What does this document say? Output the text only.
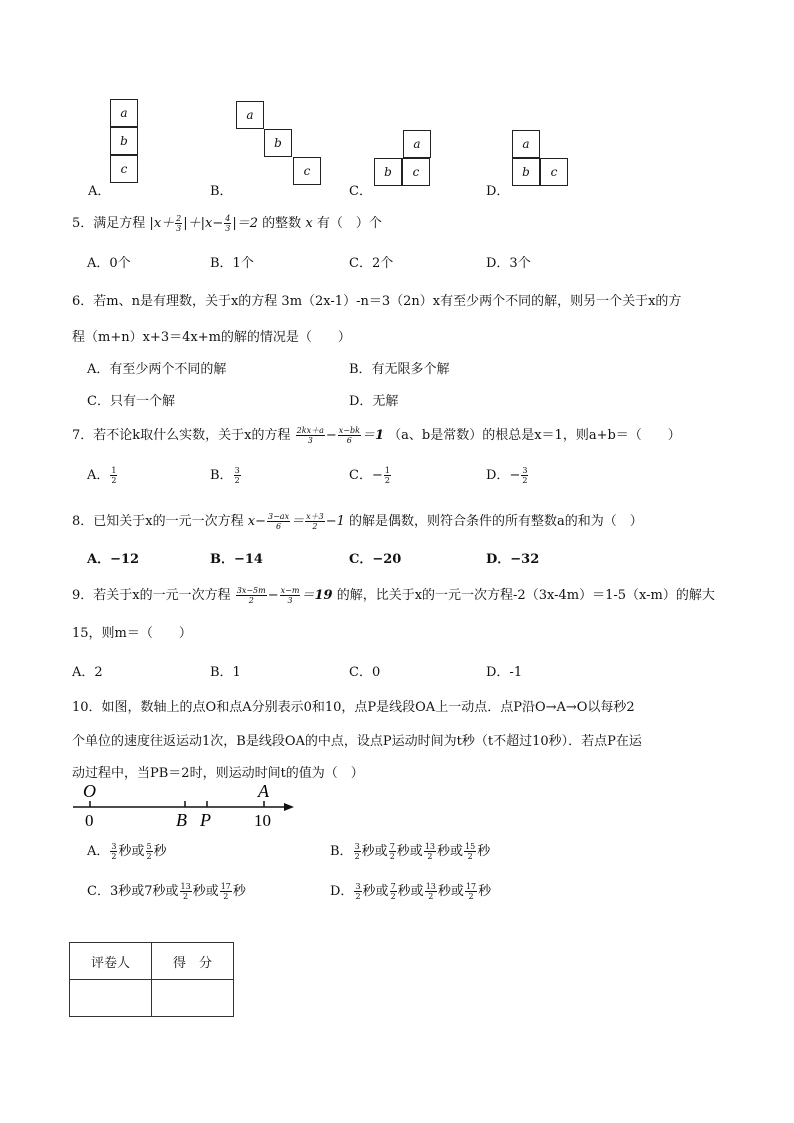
a
b
c
A．
a
b
c
B．
a
b	c
C．
a
b	c
D．
5．满足方程 $|x+ \frac{2}{3} |+|x- \frac{4}{3} |=2$ 的整数 x 有（　）个
A．0个	B．1个	C．2个	D．3个
6．若m、n是有理数，关于x的方程 3m（2x-1）-n＝3（2n）x有至少两个不同的解，则另一个关于x的方
程（m+n）x+3＝4x+m的解的情况是（　　）
A．有至少两个不同的解	B．有无限多个解
C．只有一个解	D．无解
7．若不论k取什么实数，关于x的方程 $\frac{2kx+a}{3} - \frac{x-bk}{6} =1$ （a、b是常数）的根总是x＝1，则a+b＝（　　）
A． $\frac{1}{2}$	B． $\frac{3}{2}$	C．− $\frac{1}{2}$	D．− $\frac{3}{2}$
8．已知关于x的一元一次方程 $x- \frac{3-ax}{6} = \frac{x+3}{2} -1$ 的解是偶数，则符合条件的所有整数a的和为（　）
A．−12	B．−14	C．−20	D．−32
9．若关于x的一元一次方程 $\frac{3x-5m}{2} - \frac{x-m}{3} =19$ 的解，比关于x的一元一次方程-2（3x-4m）＝1-5（x-m）的解大
15，则m＝（　　）
A．2	B．1	C．0	D．-1
10．如图，数轴上的点O和点A分别表示0和10，点P是线段OA上一动点．点P沿O→A→O以每秒2
个单位的速度往返运动1次，B是线段OA的中点，设点P运动时间为t秒（t不超过10秒）．若点P在运
动过程中，当PB＝2时，则运动时间t的值为（　）
O	A
0	B P	10
A． $\frac{3}{2}$ 秒或 $\frac{5}{2}$ 秒	B． $\frac{3}{2}$ 秒或 $\frac{7}{2}$ 秒或 $\frac{13}{2}$ 秒或 $\frac{15}{2}$ 秒
C．3秒或7秒或 $\frac{13}{2}$ 秒或 $\frac{17}{2}$ 秒	D． $\frac{3}{2}$ 秒或 $\frac{7}{2}$ 秒或 $\frac{13}{2}$ 秒或 $\frac{17}{2}$ 秒
评卷人	得　分
